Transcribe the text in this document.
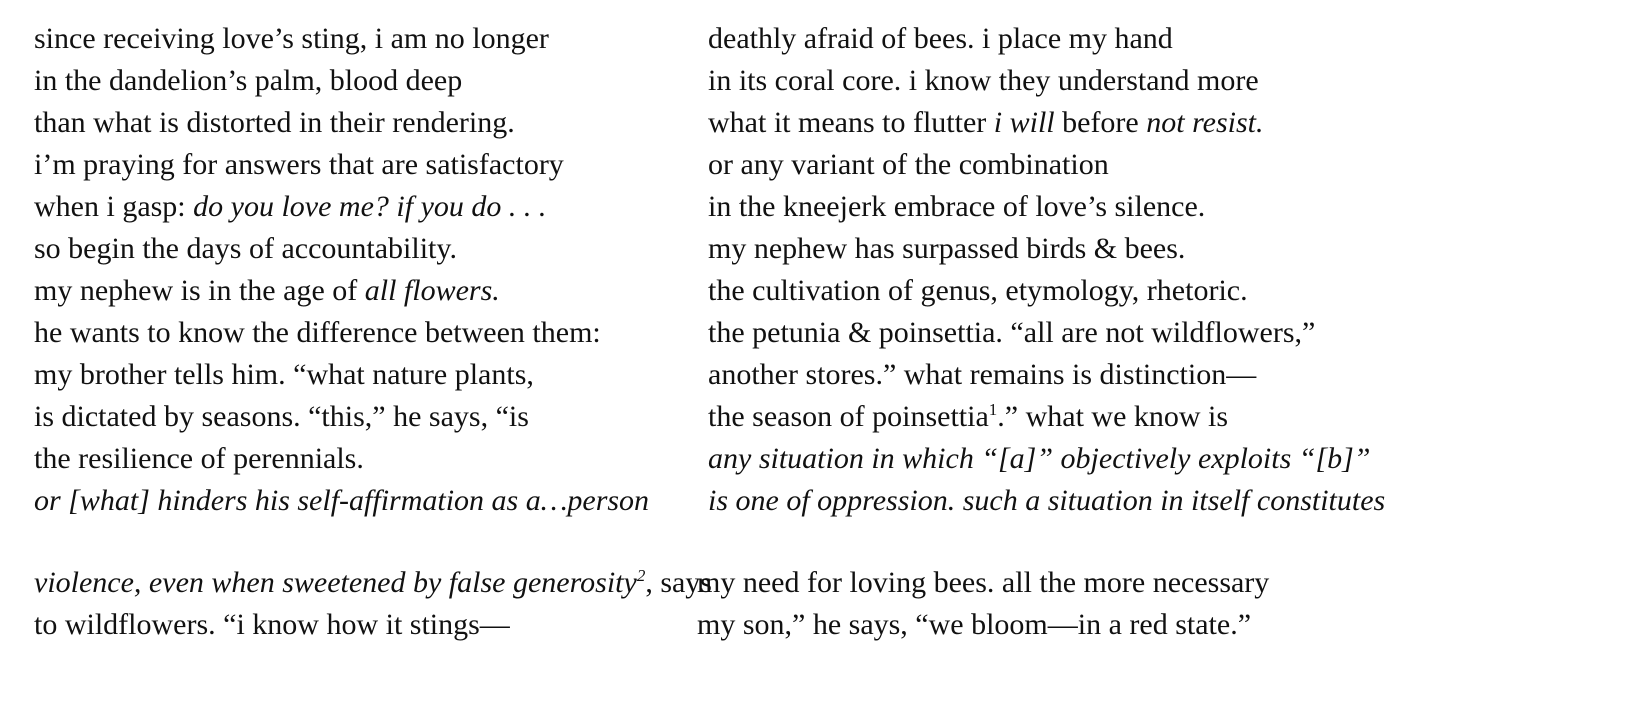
since receiving love’s sting, i am no longer
in the dandelion’s palm, blood deep
than what is distorted in their rendering.
i’m praying for answers that are satisfactory
when i gasp: do you love me? if you do . . .
so begin the days of accountability.
my nephew is in the age of all flowers.
he wants to know the difference between them:
my brother tells him. “what nature plants,
is dictated by seasons. “this,” he says, “is
the resilience of perennials.
or [what] hinders his self-affirmation as a…person
deathly afraid of bees. i place my hand
in its coral core. i know they understand more
what it means to flutter i will before not resist.
or any variant of the combination
in the kneejerk embrace of love’s silence.
my nephew has surpassed birds & bees.
the cultivation of genus, etymology, rhetoric.
the petunia & poinsettia. “all are not wildflowers,”
another stores.” what remains is distinction—
the season of poinsettia$^1$.” what we know is
any situation in which “[a]” objectively exploits “[b]”
is one of oppression. such a situation in itself constitutes
violence, even when sweetened by false generosity$^2$, says
to wildflowers. “i know how it stings—
my need for loving bees. all the more necessary
my son,” he says, “we bloom—in a red state.”
